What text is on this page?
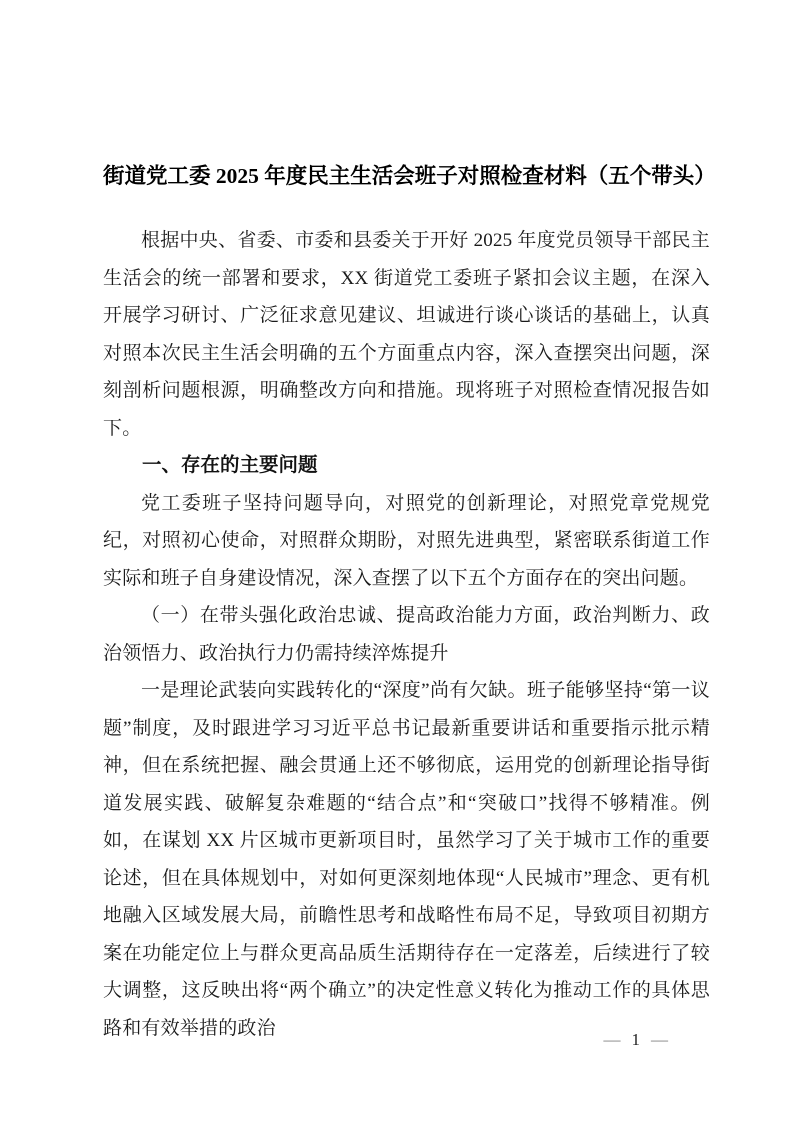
街道党工委 2025 年度民主生活会班子对照检查材料（五个带头）

根据中央、省委、市委和县委关于开好 2025 年度党员领导干部民主生活会的统一部署和要求，XX 街道党工委班子紧扣会议主题，在深入开展学习研讨、广泛征求意见建议、坦诚进行谈心谈话的基础上，认真对照本次民主生活会明确的五个方面重点内容，深入查摆突出问题，深刻剖析问题根源，明确整改方向和措施。现将班子对照检查情况报告如下。

一、存在的主要问题

党工委班子坚持问题导向，对照党的创新理论，对照党章党规党纪，对照初心使命，对照群众期盼，对照先进典型，紧密联系街道工作实际和班子自身建设情况，深入查摆了以下五个方面存在的突出问题。

（一）在带头强化政治忠诚、提高政治能力方面，政治判断力、政治领悟力、政治执行力仍需持续淬炼提升

一是理论武装向实践转化的“深度”尚有欠缺。班子能够坚持“第一议题”制度，及时跟进学习习近平总书记最新重要讲话和重要指示批示精神，但在系统把握、融会贯通上还不够彻底，运用党的创新理论指导街道发展实践、破解复杂难题的“结合点”和“突破口”找得不够精准。例如，在谋划 XX 片区城市更新项目时，虽然学习了关于城市工作的重要论述，但在具体规划中，对如何更深刻地体现“人民城市”理念、更有机地融入区域发展大局，前瞻性思考和战略性布局不足，导致项目初期方案在功能定位上与群众更高品质生活期待存在一定落差，后续进行了较大调整，这反映出将“两个确立”的决定性意义转化为推动工作的具体思路和有效举措的政治

— 1 —
